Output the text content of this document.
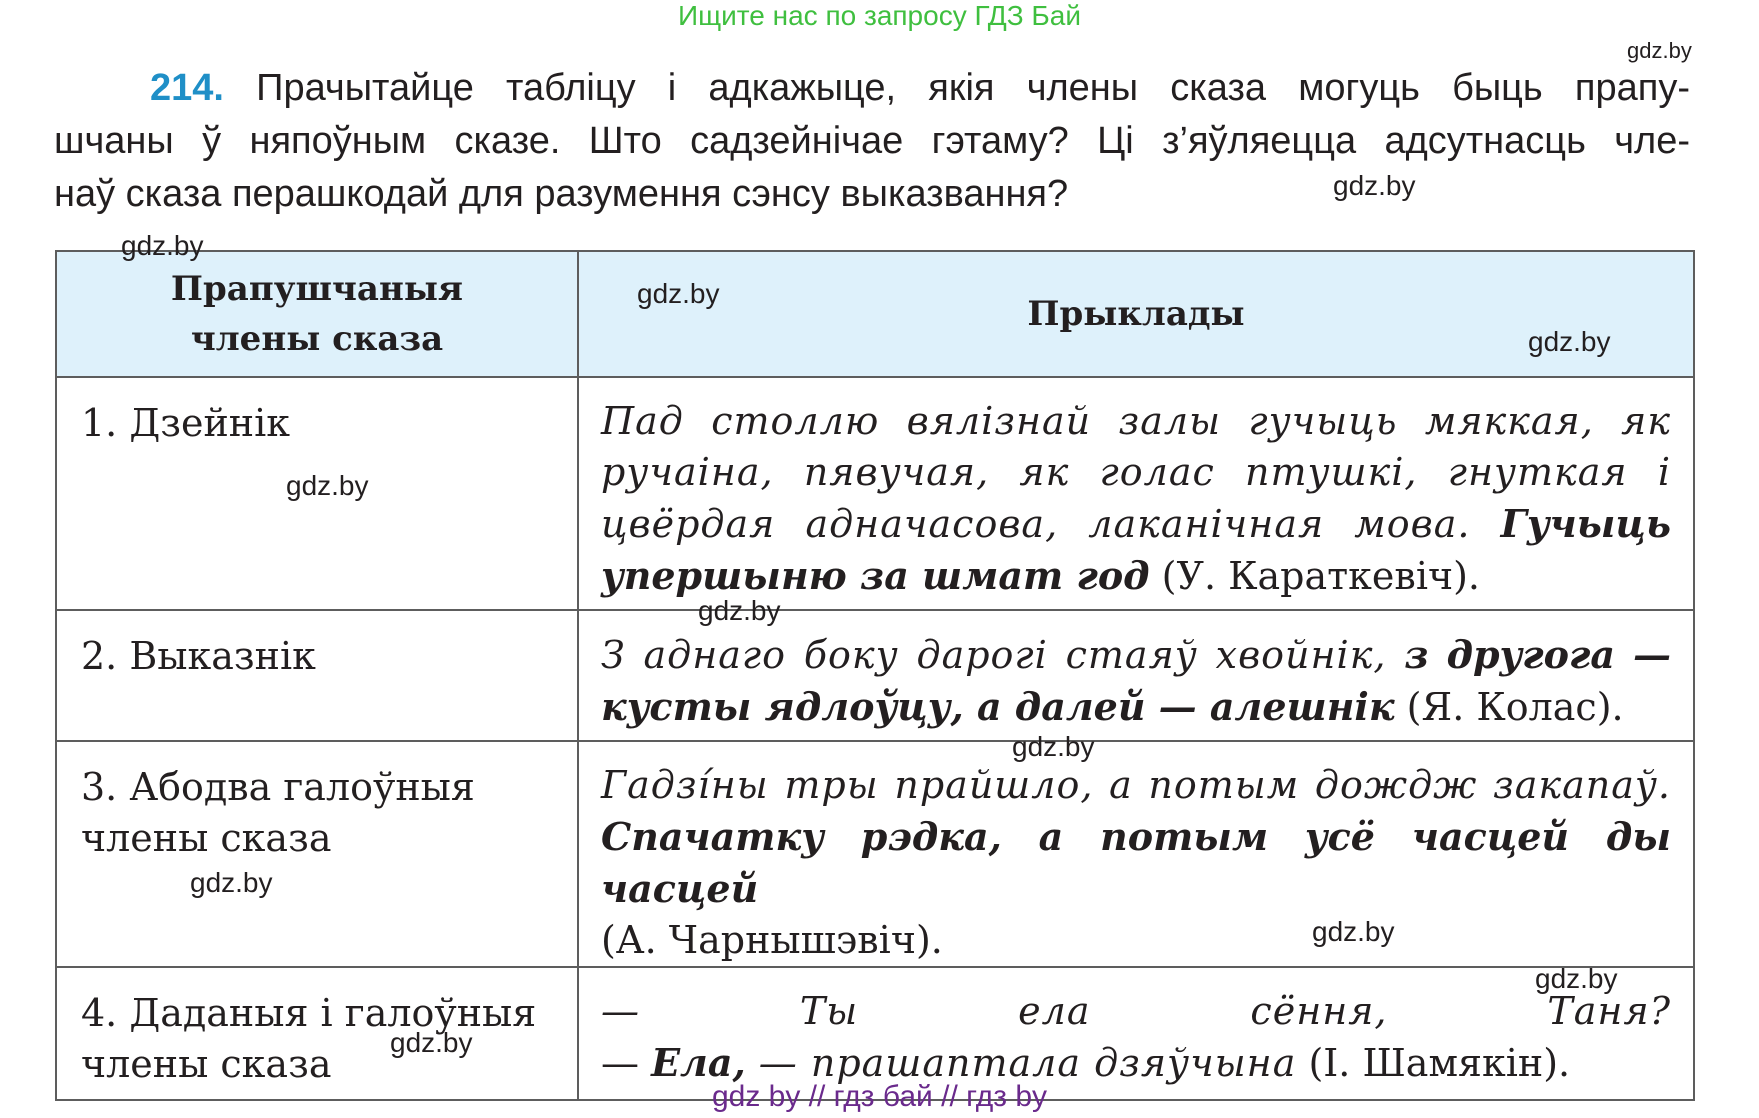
Ищите нас по запросу ГДЗ Бай
214. Прачытайце табліцу і адкажыце, якія члены сказа могуць быць прапу-
шчаны ў няпоўным сказе. Што садзейнічае гэтаму? Ці з’яўляецца адсутнасць чле-
наў сказа перашкодай для разумення сэнсу выказвання?
Прапушчаныя члены сказа	Прыклады
1. Дзейнік	Пад столлю вялізнай залы гучыць мяккая, як
ручаіна, пявучая, як голас птушкі, гнуткая і
цвёрдая адначасова, лаканічная мова. Гучыць
упершыню за шмат год (У. Караткевіч).

2. Выказнік	З аднаго боку дарогі стаяў хвойнік, з другога —
кусты ядлоўцу, а далей — алешнік (Я. Колас).

3. Абодва галоўныя члены сказа	Гадзі́ны тры прайшло, а потым дождж закапаў.
Спачатку рэдка, а потым усё часцей ды часцей
(А. Чарнышэвіч).

4. Даданыя і галоўныя члены сказа	— Ты ела сёння, Таня?
— Ела, — прашаптала дзяўчына (І. Шамякін).
gdz.by
gdz.by
gdz.by
gdz.by
gdz.by
gdz.by
gdz.by
gdz.by
gdz.by
gdz.by
gdz.by
gdz.by
gdz by // гдз бай // гдз by
